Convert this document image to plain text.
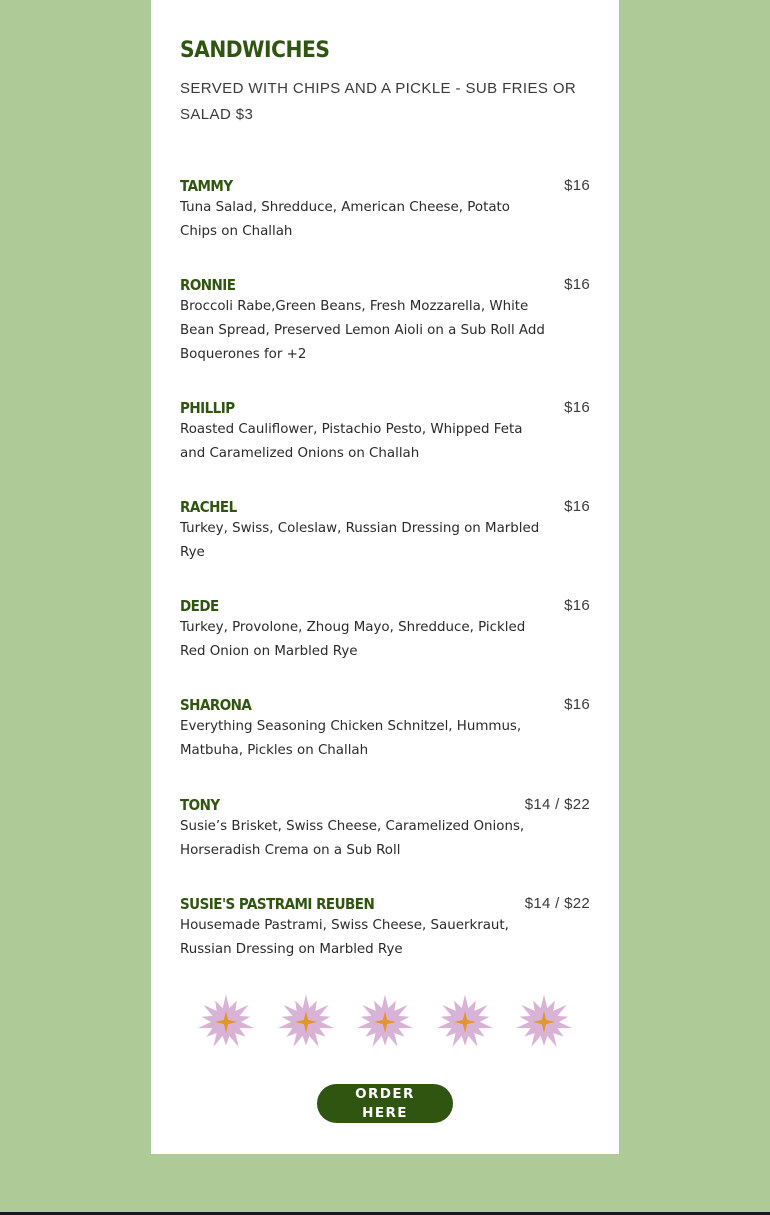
SANDWICHES

SERVED WITH CHIPS AND A PICKLE - SUB FRIES OR SALAD $3

TAMMY	$16
Tuna Salad, Shredduce, American Cheese, Potato Chips on Challah
RONNIE	$16
Broccoli Rabe,Green Beans, Fresh Mozzarella, White Bean Spread, Preserved Lemon Aioli on a Sub Roll Add Boquerones for +2
PHILLIP	$16
Roasted Cauliflower, Pistachio Pesto, Whipped Feta and Caramelized Onions on Challah
RACHEL	$16
Turkey, Swiss, Coleslaw, Russian Dressing on Marbled Rye
DEDE	$16
Turkey, Provolone, Zhoug Mayo, Shredduce, Pickled Red Onion on Marbled Rye
SHARONA	$16
Everything Seasoning Chicken Schnitzel, Hummus, Matbuha, Pickles on Challah
TONY	$14 / $22
Susie’s Brisket, Swiss Cheese, Caramelized Onions, Horseradish Crema on a Sub Roll
SUSIE'S PASTRAMI REUBEN	$14 / $22
Housemade Pastrami, Swiss Cheese, Sauerkraut, Russian Dressing on Marbled Rye
ORDER HERE
